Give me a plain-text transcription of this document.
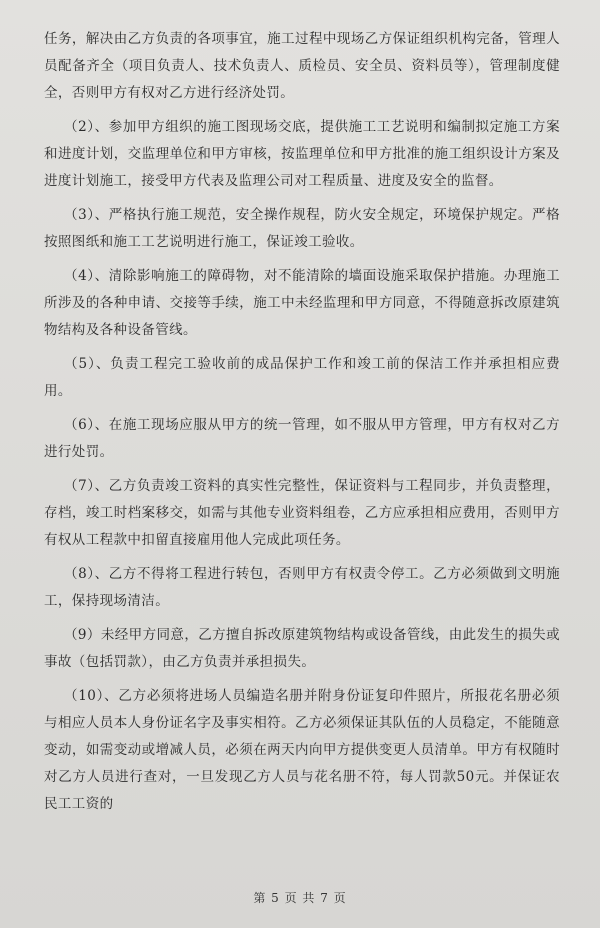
任务，解决由乙方负责的各项事宜，施工过程中现场乙方保证组织机构完备，管理人员配备齐全（项目负责人、技术负责人、质检员、安全员、资料员等），管理制度健全，否则甲方有权对乙方进行经济处罚。

（2）、参加甲方组织的施工图现场交底，提供施工工艺说明和编制拟定施工方案和进度计划，交监理单位和甲方审核，按监理单位和甲方批准的施工组织设计方案及进度计划施工，接受甲方代表及监理公司对工程质量、进度及安全的监督。

（3）、严格执行施工规范，安全操作规程，防火安全规定，环境保护规定。严格按照图纸和施工工艺说明进行施工，保证竣工验收。

（4）、清除影响施工的障碍物，对不能清除的墙面设施采取保护措施。办理施工所涉及的各种申请、交接等手续，施工中未经监理和甲方同意，不得随意拆改原建筑物结构及各种设备管线。

（5）、负责工程完工验收前的成品保护工作和竣工前的保洁工作并承担相应费用。

（6）、在施工现场应服从甲方的统一管理，如不服从甲方管理，甲方有权对乙方进行处罚。

（7）、乙方负责竣工资料的真实性完整性，保证资料与工程同步，并负责整理，存档，竣工时档案移交，如需与其他专业资料组卷，乙方应承担相应费用，否则甲方有权从工程款中扣留直接雇用他人完成此项任务。

（8）、乙方不得将工程进行转包，否则甲方有权责令停工。乙方必须做到文明施工，保持现场清洁。

（9）未经甲方同意，乙方擅自拆改原建筑物结构或设备管线，由此发生的损失或事故（包括罚款），由乙方负责并承担损失。

（10）、乙方必须将进场人员编造名册并附身份证复印件照片，所报花名册必须与相应人员本人身份证名字及事实相符。乙方必须保证其队伍的人员稳定，不能随意变动，如需变动或增减人员，必须在两天内向甲方提供变更人员清单。甲方有权随时对乙方人员进行查对，一旦发现乙方人员与花名册不符，每人罚款50元。并保证农民工工资的

第 5 页 共 7 页
